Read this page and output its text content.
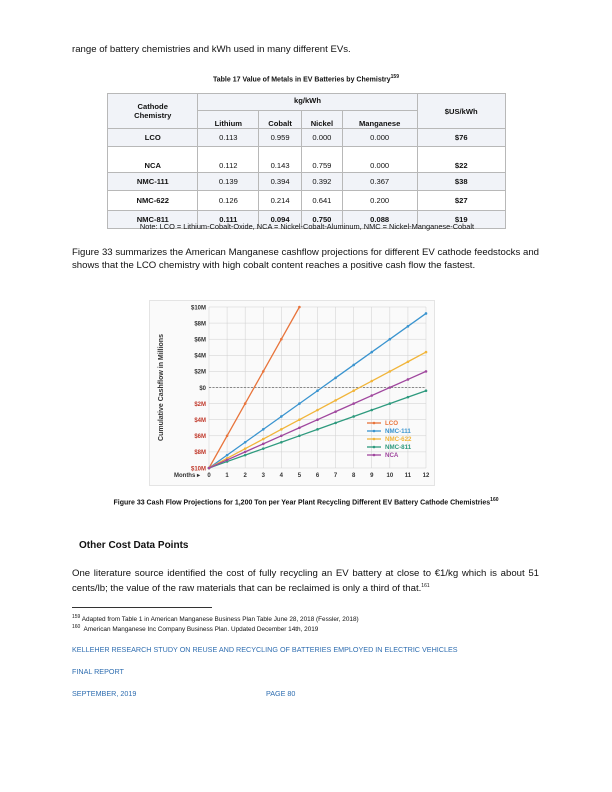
range of battery chemistries and kWh used in many different EVs.
Table 17 Value of Metals in EV Batteries by Chemistry$^{159}$
Cathode
Chemistry	kg/kWh				$US/kWh
	Lithium	Cobalt	Nickel	Manganese	
LCO	0.113	0.959	0.000	0.000	$76
NCA	0.112	0.143	0.759	0.000	$22
NMC-111	0.139	0.394	0.392	0.367	$38
NMC-622	0.126	0.214	0.641	0.200	$27
NMC-811	0.111	0.094	0.750	0.088	$19
Note: LCO = Lithium-Cobalt-Oxide, NCA = Nickel-Cobalt-Aluminum, NMC = Nickel-Manganese-Cobalt
Figure 33 summarizes the American Manganese cashflow projections for different EV cathode feedstocks and shows that the LCO chemistry with high cobalt content reaches a positive cash flow the fastest.
$10M
$8M
$6M
$4M
$2M
$0
$2M
$4M
$6M
$8M
$10M
0 1 2 3 4 5 6 7 8 9 10 11 12
Months ▸
Cumulative Cashflow in Millions	LCO
NMC-111
NMC-622
NMC-811
NCA
Figure 33 Cash Flow Projections for 1,200 Ton per Year Plant Recycling Different EV Battery Cathode Chemistries$^{160}$
Other Cost Data Points
One literature source identified the cost of fully recycling an EV battery at close to €1/kg which is about 51 cents/lb; the value of the raw materials that can be reclaimed is only a third of that.$^{161}$
$^{159}$ Adapted from Table 1 in American Manganese Business Plan Table June 28, 2018 (Fessler, 2018)
$^{160}$ American Manganese Inc Company Business Plan. Updated December 14th, 2019
KELLEHER RESEARCH STUDY ON REUSE AND RECYCLING OF BATTERIES EMPLOYED IN ELECTRIC VEHICLES
FINAL REPORT
SEPTEMBER, 2019	PAGE 80
